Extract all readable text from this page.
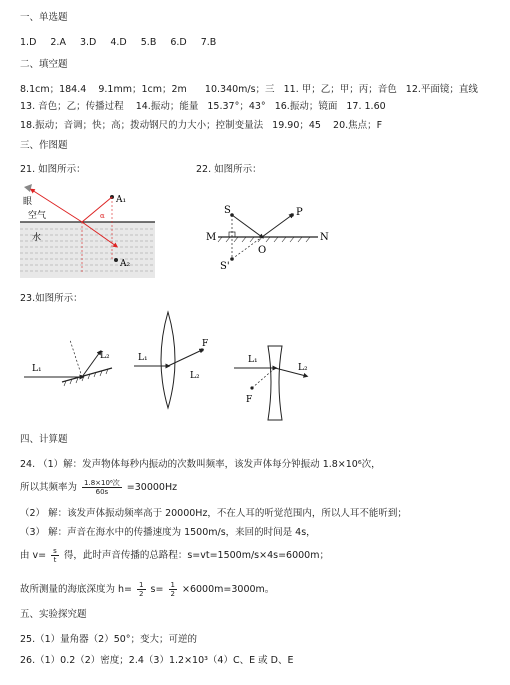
一、单选题
1.D 2.A 3.D 4.D 5.B 6.D 7.B
二、填空题
8.1cm；184.4    9.1mm；1cm；2m      10.340m/s；三   11. 甲；乙；甲；丙；音色   12.平面镜；直线
13. 音色；乙；传播过程    14.振动；能量   15.37°；43°   16.振动；镜面   17. 1.60
18.振动；音调；快；高；拨动钢尺的力大小；控制变量法   19.90；45    20.焦点；F
三、作图题
21. 如图所示：	22. 如图所示：
眼
空气
水
A₁
A₂
α
M	N
S
S'
P
O
23.如图所示：
L₁
L₂
F
L₁
L₂
F
L₁
L₂
四、计算题
24. （1）解：发声物体每秒内振动的次数叫频率，该发声体每分钟振动 1.8×10⁶次，
所以其频率为 $\frac{\text{1.8×10⁶次}}{60s} =30000Hz$
（2） 解：该发声体振动频率高于 20000Hz，不在人耳的听觉范围内，所以人耳不能听到；
（3） 解：声音在海水中的传播速度为 1500m/s，来回的时间是 4s，
由 $v= \frac{s}{t}$ 得，此时声音传播的总路程：s=vt=1500m/s×4s=6000m；
故所测量的海底深度为 $h= \frac{1}{2} s= \frac{1}{2} \times 6000m=3000m$。
五、实验探究题
25.（1）量角器（2）50°；变大；可逆的
26.（1）0.2（2）密度；2.4（3）1.2×10³（4）C、E 或 D、E
